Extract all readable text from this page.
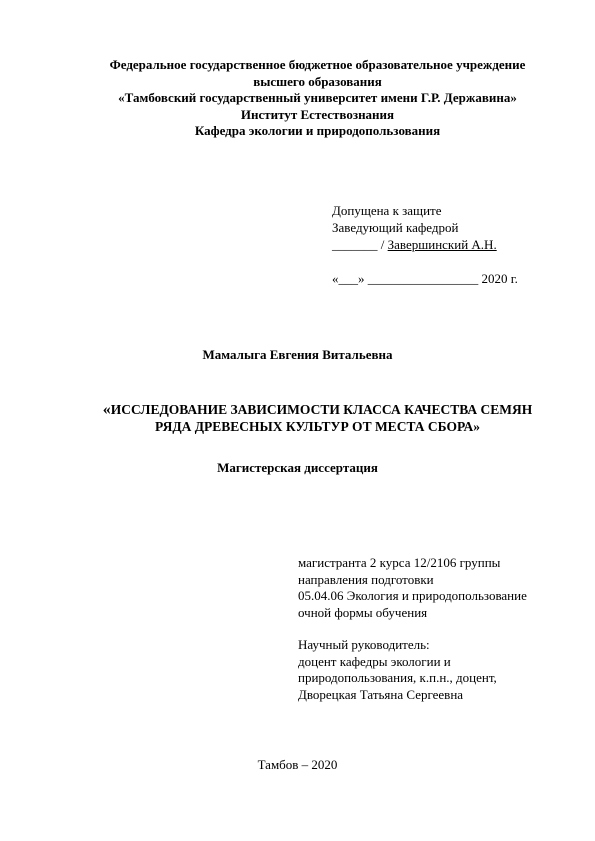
Федеральное государственное бюджетное образовательное учреждение
высшего образования
«Тамбовский государственный университет имени Г.Р. Державина»
Институт Естествознания
Кафедра экологии и природопользования
Допущена к защите
Заведующий кафедрой
_______ / Завершинский А.Н.
«___» _________________ 2020 г.
Мамалыга Евгения Витальевна
«ИССЛЕДОВАНИЕ ЗАВИСИМОСТИ КЛАССА КАЧЕСТВА СЕМЯН
РЯДА ДРЕВЕСНЫХ КУЛЬТУР ОТ МЕСТА СБОРА»
Магистерская диссертация
магистранта 2 курса 12/2106 группы
направления подготовки
05.04.06 Экология и природопользование
очной формы обучения
Научный руководитель:
доцент кафедры экологии и
природопользования, к.п.н., доцент,
Дворецкая Татьяна Сергеевна
Тамбов – 2020
